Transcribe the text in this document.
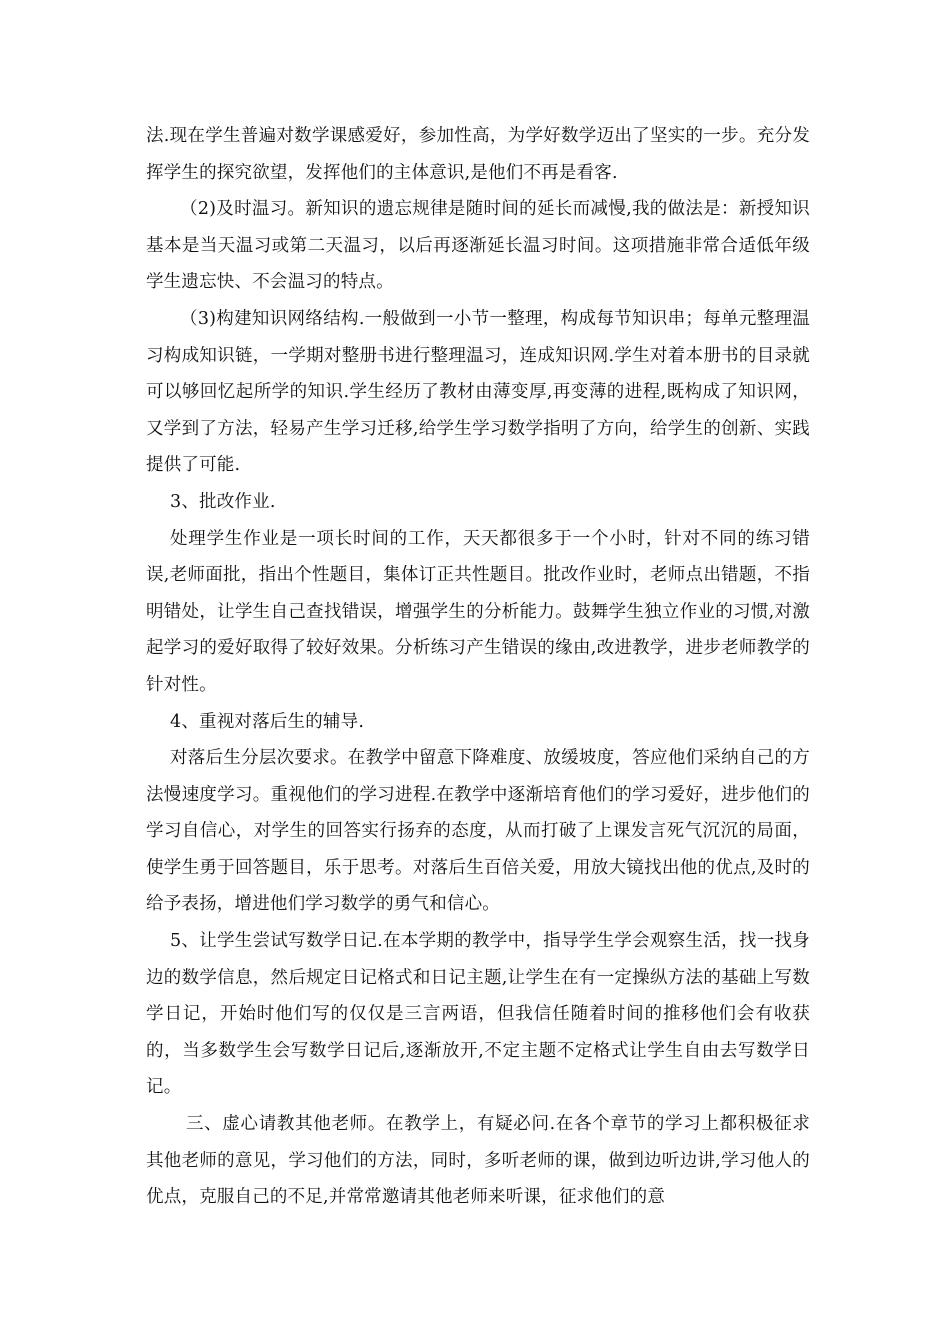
法.现在学生普遍对数学课感爱好，参加性高，为学好数学迈出了坚实的一步。充分发挥学生的探究欲望，发挥他们的主体意识,是他们不再是看客.

（2)及时温习。新知识的遗忘规律是随时间的延长而减慢,我的做法是：新授知识基本是当天温习或第二天温习，以后再逐渐延长温习时间。这项措施非常合适低年级学生遗忘快、不会温习的特点。

（3)构建知识网络结构.一般做到一小节一整理，构成每节知识串；每单元整理温习构成知识链，一学期对整册书进行整理温习，连成知识网.学生对着本册书的目录就可以够回忆起所学的知识.学生经历了教材由薄变厚,再变薄的进程,既构成了知识网，又学到了方法，轻易产生学习迁移,给学生学习数学指明了方向，给学生的创新、实践提供了可能.

3、批改作业.

处理学生作业是一项长时间的工作，天天都很多于一个小时，针对不同的练习错误,老师面批，指出个性题目，集体订正共性题目。批改作业时，老师点出错题，不指明错处，让学生自己查找错误，增强学生的分析能力。鼓舞学生独立作业的习惯,对激起学习的爱好取得了较好效果。分析练习产生错误的缘由,改进教学，进步老师教学的针对性。

4、重视对落后生的辅导.

对落后生分层次要求。在教学中留意下降难度、放缓坡度，答应他们采纳自己的方法慢速度学习。重视他们的学习进程.在教学中逐渐培育他们的学习爱好，进步他们的学习自信心，对学生的回答实行扬弃的态度，从而打破了上课发言死气沉沉的局面，使学生勇于回答题目，乐于思考。对落后生百倍关爱，用放大镜找出他的优点,及时的给予表扬，增进他们学习数学的勇气和信心。

5、让学生尝试写数学日记.在本学期的教学中，指导学生学会观察生活，找一找身边的数学信息，然后规定日记格式和日记主题,让学生在有一定操纵方法的基础上写数学日记，开始时他们写的仅仅是三言两语，但我信任随着时间的推移他们会有收获的，当多数学生会写数学日记后,逐渐放开,不定主题不定格式让学生自由去写数学日记。

三、虚心请教其他老师。在教学上，有疑必问.在各个章节的学习上都积极征求其他老师的意见，学习他们的方法，同时，多听老师的课，做到边听边讲,学习他人的优点，克服自己的不足,并常常邀请其他老师来听课，征求他们的意
